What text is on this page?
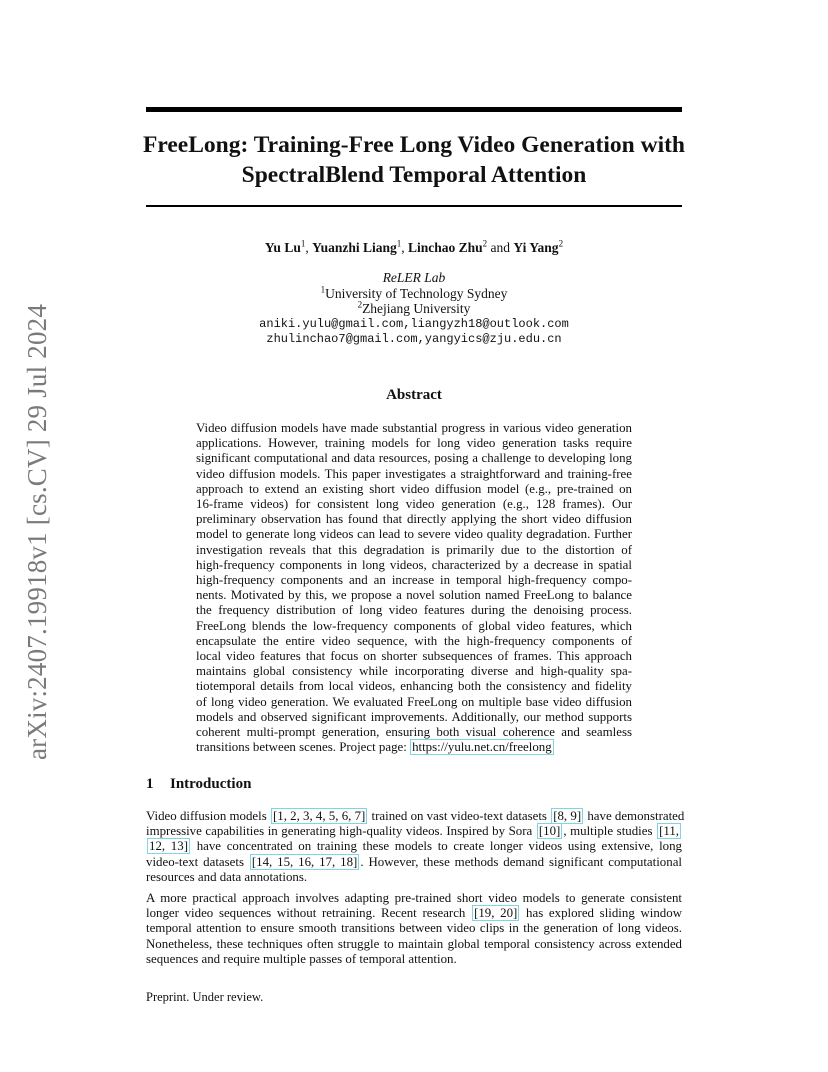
arXiv:2407.19918v1 [cs.CV] 29 Jul 2024
FreeLong: Training-Free Long Video Generation with
SpectralBlend Temporal Attention
Yu Lu$^1$, Yuanzhi Liang$^1$, Linchao Zhu$^2$ and Yi Yang$^2$
ReLER Lab
$^1$University of Technology Sydney
$^2$Zhejiang University
aniki.yulu@gmail.com,liangyzh18@outlook.com
zhulinchao7@gmail.com,yangyics@zju.edu.cn
Abstract
Video diffusion models have made substantial progress in various video generation
applications. However, training models for long video generation tasks require
significant computational and data resources, posing a challenge to developing long
video diffusion models. This paper investigates a straightforward and training-free
approach to extend an existing short video diffusion model (e.g., pre-trained on
16-frame videos) for consistent long video generation (e.g., 128 frames). Our
preliminary observation has found that directly applying the short video diffusion
model to generate long videos can lead to severe video quality degradation. Further
investigation reveals that this degradation is primarily due to the distortion of
high-frequency components in long videos, characterized by a decrease in spatial
high-frequency components and an increase in temporal high-frequency compo-
nents. Motivated by this, we propose a novel solution named FreeLong to balance
the frequency distribution of long video features during the denoising process.
FreeLong blends the low-frequency components of global video features, which
encapsulate the entire video sequence, with the high-frequency components of
local video features that focus on shorter subsequences of frames. This approach
maintains global consistency while incorporating diverse and high-quality spa-
tiotemporal details from local videos, enhancing both the consistency and fidelity
of long video generation. We evaluated FreeLong on multiple base video diffusion
models and observed significant improvements. Additionally, our method supports
coherent multi-prompt generation, ensuring both visual coherence and seamless
transitions between scenes. Project page: https://yulu.net.cn/freelong
1 Introduction
Video diffusion models [1, 2, 3, 4, 5, 6, 7] trained on vast video-text datasets [8, 9] have demonstrated
impressive capabilities in generating high-quality videos. Inspired by Sora [10] , multiple studies [11,
12, 13] have concentrated on training these models to create longer videos using extensive, long
video-text datasets [14, 15, 16, 17, 18] . However, these methods demand significant computational
resources and data annotations.
A more practical approach involves adapting pre-trained short video models to generate consistent
longer video sequences without retraining. Recent research [19, 20] has explored sliding window
temporal attention to ensure smooth transitions between video clips in the generation of long videos.
Nonetheless, these techniques often struggle to maintain global temporal consistency across extended
sequences and require multiple passes of temporal attention.
Preprint. Under review.
